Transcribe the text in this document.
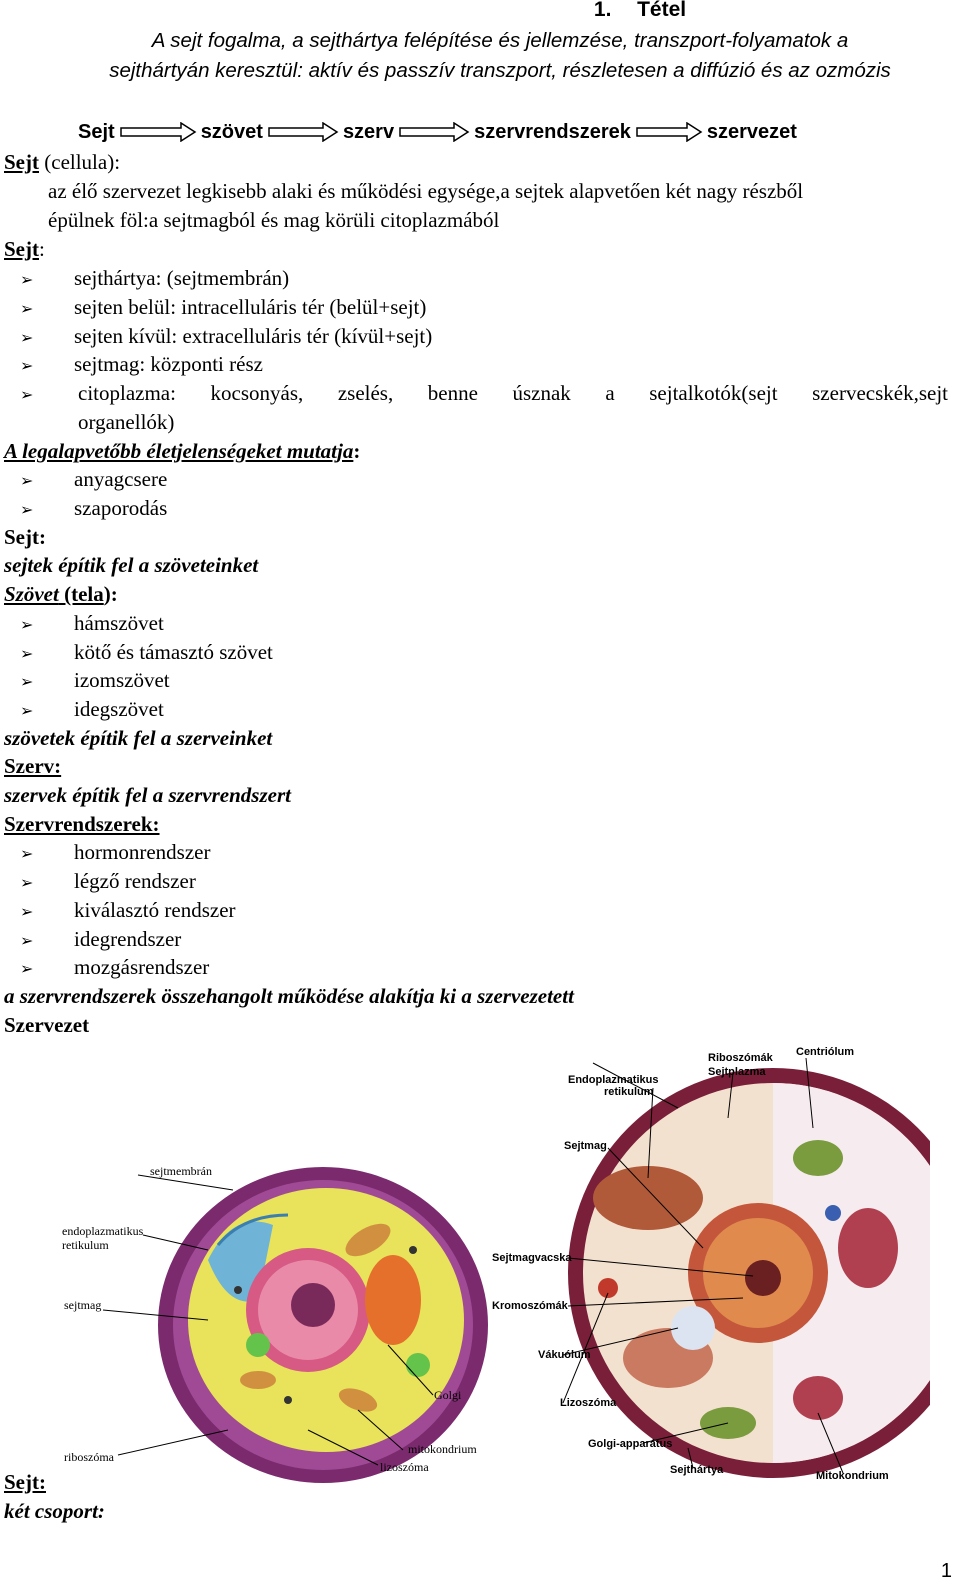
1. Tétel
A sejt fogalma, a sejthártya felépítése és jellemzése, transzport-folyamatok a
sejthártyán keresztül: aktív és passzív transzport, részletesen a diffúzió és az ozmózis
Sejt	szövet	szerv	szervrendszerek	szervezet
Sejt (cellula):
az élő szervezet legkisebb alaki és működési egysége,a sejtek alapvetően két nagy részből
épülnek föl:a sejtmagból és mag körüli citoplazmából
Sejt:
➢ sejthártya: (sejtmembrán)
➢ sejten belül: intracelluláris tér (belül+sejt)
➢ sejten kívül: extracelluláris tér (kívül+sejt)
➢ sejtmag: központi rész
➢	citoplazma: kocsonyás, zselés, benne úsznak a sejtalkotók(sejt szervecskék,sejt
organellók)
A legalapvetőbb életjelenségeket mutatja:
➢ anyagcsere
➢ szaporodás
Sejt:
sejtek építik fel a szöveteinket
Szövet (tela):
➢ hámszövet
➢ kötő és támasztó szövet
➢ izomszövet
➢ idegszövet
szövetek építik fel a szerveinket
Szerv:
szervek építik fel a szervrendszert
Szervrendszerek:
➢ hormonrendszer
➢ légző rendszer
➢ kiválasztó rendszer
➢ idegrendszer
➢ mozgásrendszer
a szervrendszerek összehangolt működése alakítja ki a szervezetett
Szervezet
sejtmembrán
endoplazmatikus
retikulum
sejtmag
Golgi
riboszóma
mitokondrium
lizoszóma
Riboszómák Centriólum
Sejtplazma
Endoplazmatikus
retikulum
Sejtmag
Sejtmagvacska
Kromoszómák
Vákuólum
Lizoszóma
Golgi-apparátus
Sejthártya	Mitokondrium
Sejt:
két csoport:
1
